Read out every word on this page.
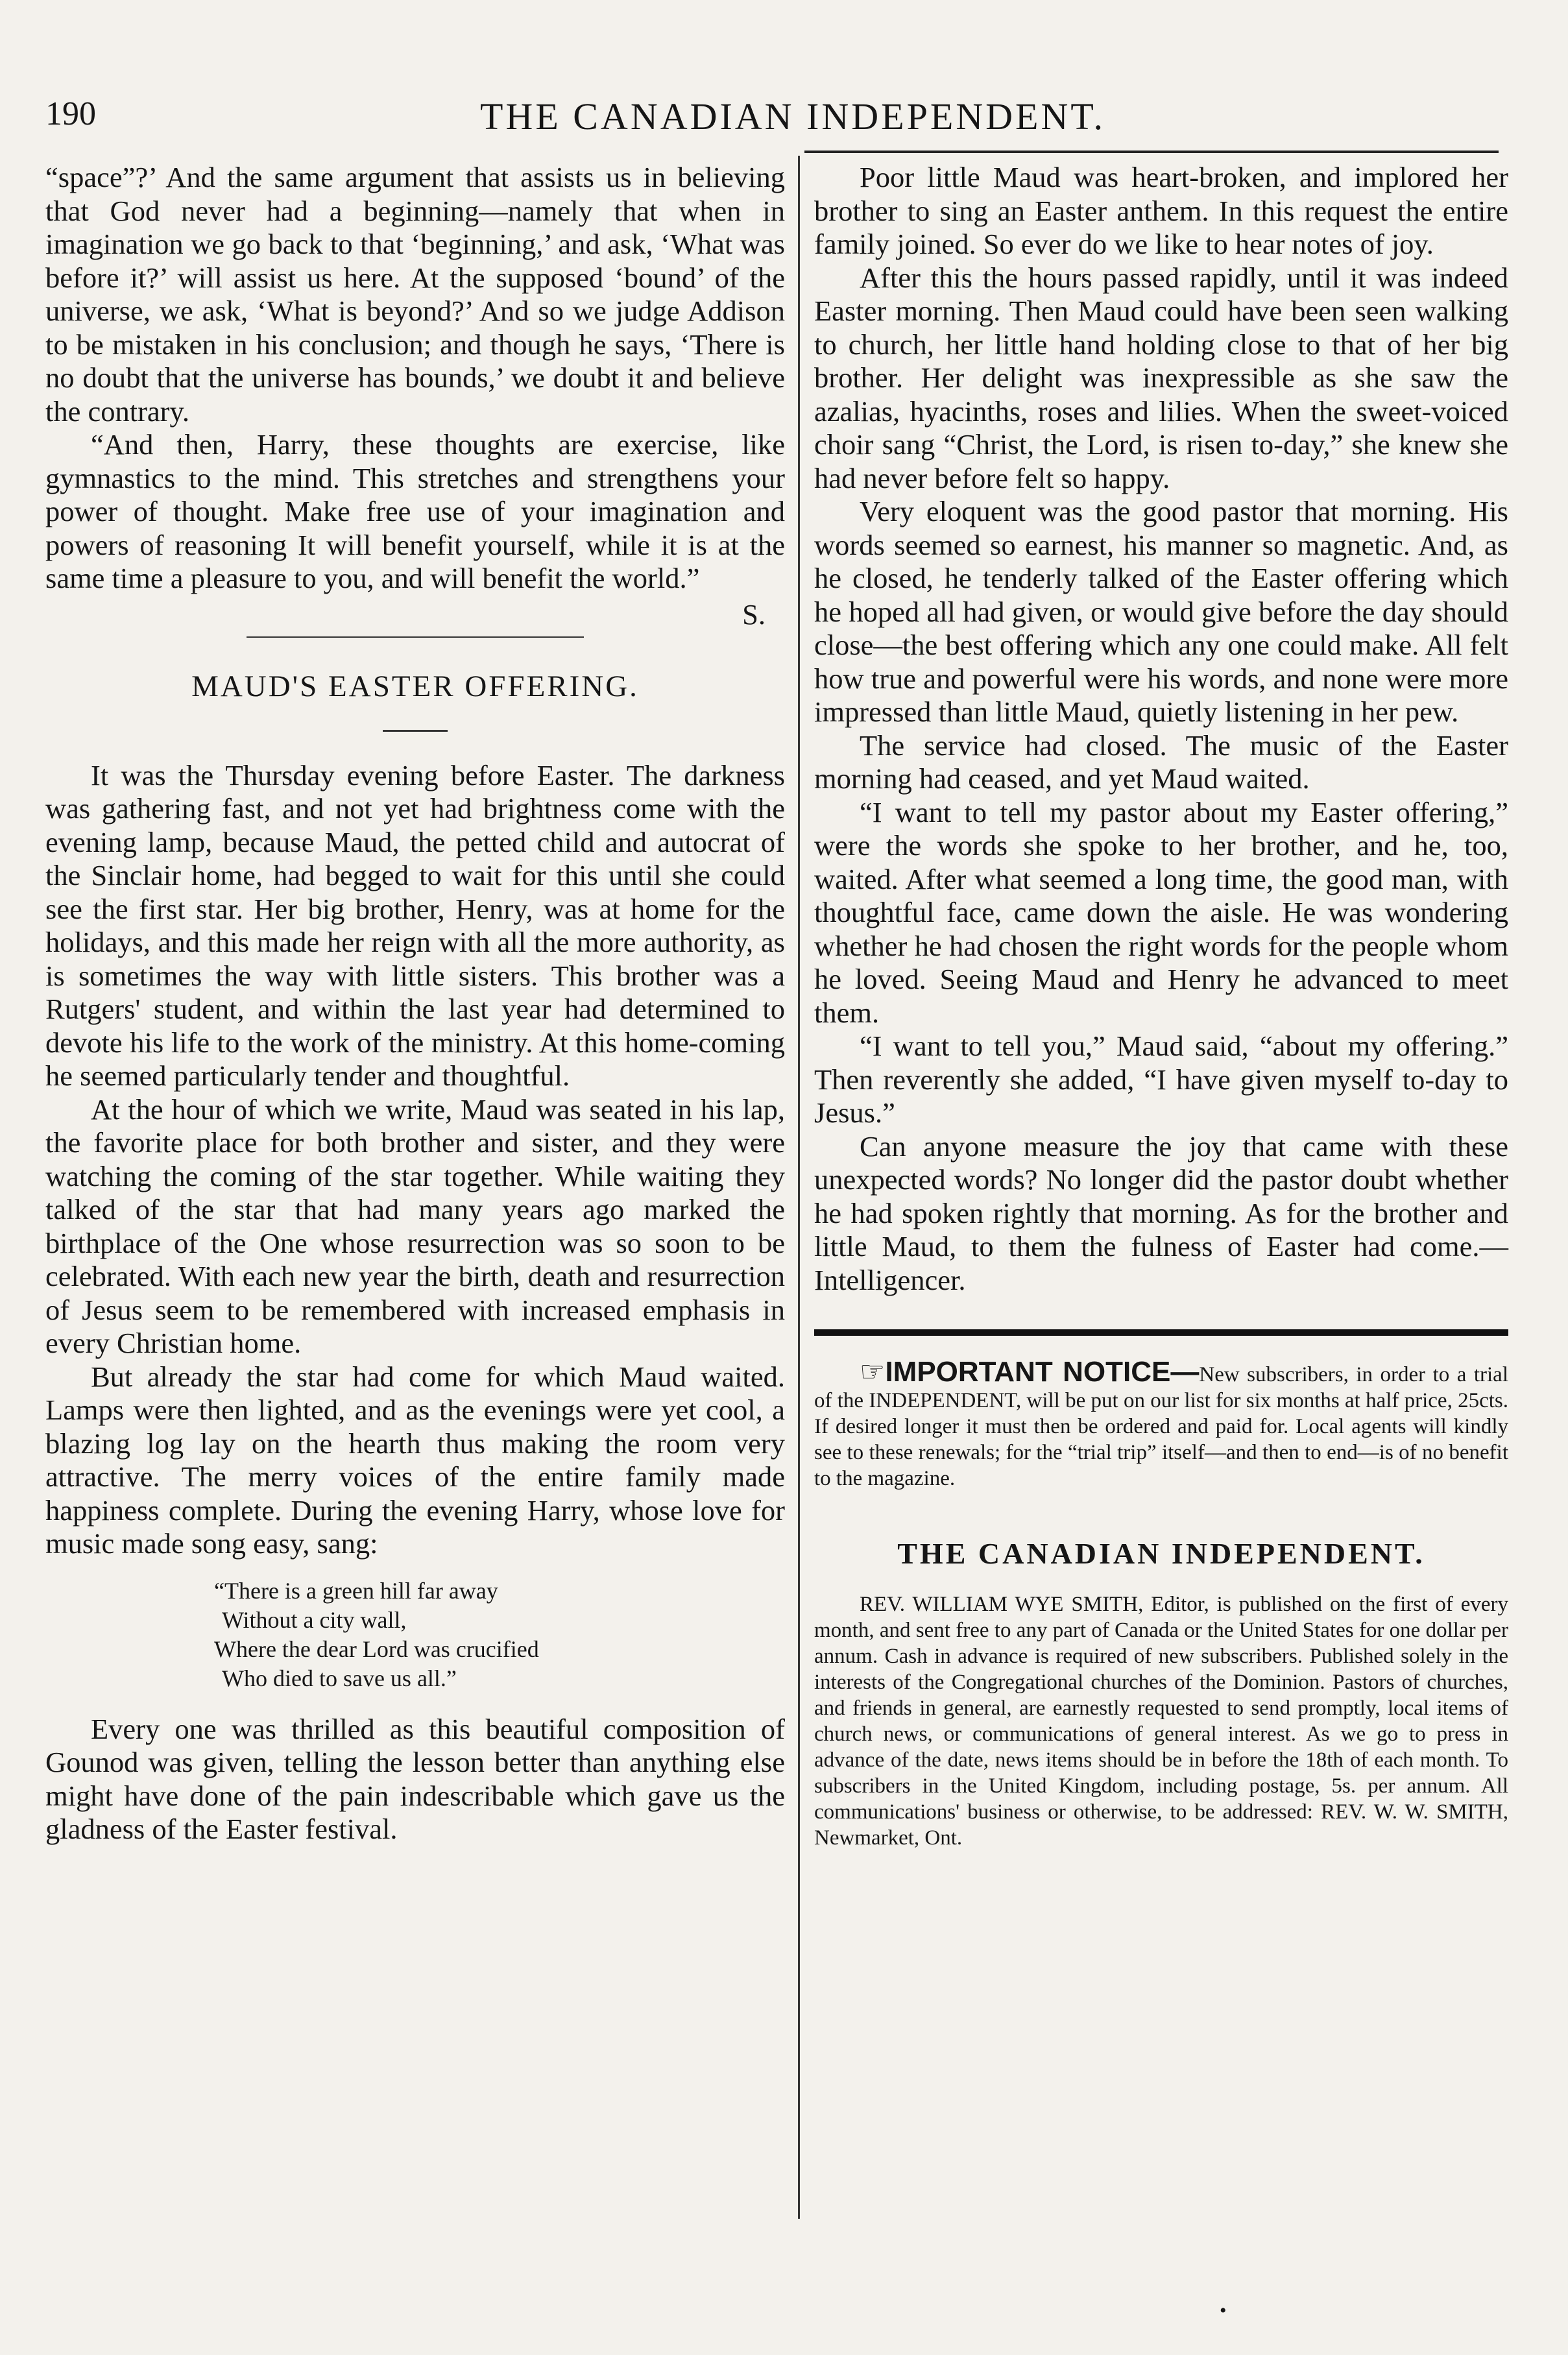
190	THE CANADIAN INDEPENDENT.

“space”?’ And the same argument that assists us in believing that God never had a beginning—namely that when in imagination we go back to that ‘beginning,’ and ask, ‘What was before it?’ will assist us here. At the supposed ‘bound’ of the universe, we ask, ‘What is beyond?’ And so we judge Addison to be mistaken in his conclusion; and though he says, ‘There is no doubt that the universe has bounds,’ we doubt it and believe the contrary.

“And then, Harry, these thoughts are exercise, like gymnastics to the mind. This stretches and strengthens your power of thought. Make free use of your imagination and powers of reasoning It will benefit yourself, while it is at the same time a pleasure to you, and will benefit the world.”

S.
MAUD'S EASTER OFFERING.

It was the Thursday evening before Easter. The darkness was gathering fast, and not yet had brightness come with the evening lamp, because Maud, the petted child and autocrat of the Sinclair home, had begged to wait for this until she could see the first star. Her big brother, Henry, was at home for the holidays, and this made her reign with all the more authority, as is sometimes the way with little sisters. This brother was a Rutgers' student, and within the last year had determined to devote his life to the work of the ministry. At this home-coming he seemed particularly tender and thoughtful.

At the hour of which we write, Maud was seated in his lap, the favorite place for both brother and sister, and they were watching the coming of the star together. While waiting they talked of the star that had many years ago marked the birthplace of the One whose resurrection was so soon to be celebrated. With each new year the birth, death and resurrection of Jesus seem to be remembered with increased emphasis in every Christian home.

But already the star had come for which Maud waited. Lamps were then lighted, and as the evenings were yet cool, a blazing log lay on the hearth thus making the room very attractive. The merry voices of the entire family made happiness complete. During the evening Harry, whose love for music made song easy, sang:

“There is a green hill far away
Without a city wall,
Where the dear Lord was crucified
Who died to save us all.”

Every one was thrilled as this beautiful composition of Gounod was given, telling the lesson better than anything else might have done of the pain indescribable which gave us the gladness of the Easter festival.

Poor little Maud was heart-broken, and implored her brother to sing an Easter anthem. In this request the entire family joined. So ever do we like to hear notes of joy.

After this the hours passed rapidly, until it was indeed Easter morning. Then Maud could have been seen walking to church, her little hand holding close to that of her big brother. Her delight was inexpressible as she saw the azalias, hyacinths, roses and lilies. When the sweet-voiced choir sang “Christ, the Lord, is risen to-day,” she knew she had never before felt so happy.

Very eloquent was the good pastor that morning. His words seemed so earnest, his manner so magnetic. And, as he closed, he tenderly talked of the Easter offering which he hoped all had given, or would give before the day should close—the best offering which any one could make. All felt how true and powerful were his words, and none were more impressed than little Maud, quietly listening in her pew.

The service had closed. The music of the Easter morning had ceased, and yet Maud waited.

“I want to tell my pastor about my Easter offering,” were the words she spoke to her brother, and he, too, waited. After what seemed a long time, the good man, with thoughtful face, came down the aisle. He was wondering whether he had chosen the right words for the people whom he loved. Seeing Maud and Henry he advanced to meet them.

“I want to tell you,” Maud said, “about my offering.” Then reverently she added, “I have given myself to-day to Jesus.”

Can anyone measure the joy that came with these unexpected words? No longer did the pastor doubt whether he had spoken rightly that morning. As for the brother and little Maud, to them the fulness of Easter had come.—Intelligencer.

☞IMPORTANT NOTICE—New subscribers, in order to a trial of the INDEPENDENT, will be put on our list for six months at half price, 25cts. If desired longer it must then be ordered and paid for. Local agents will kindly see to these renewals; for the “trial trip” itself—and then to end—is of no benefit to the magazine.

THE CANADIAN INDEPENDENT.

REV. WILLIAM WYE SMITH, Editor, is published on the first of every month, and sent free to any part of Canada or the United States for one dollar per annum. Cash in advance is required of new subscribers. Published solely in the interests of the Congregational churches of the Dominion. Pastors of churches, and friends in general, are earnestly requested to send promptly, local items of church news, or communications of general interest. As we go to press in advance of the date, news items should be in before the 18th of each month. To subscribers in the United Kingdom, including postage, 5s. per annum. All communications' business or otherwise, to be addressed: REV. W. W. SMITH, Newmarket, Ont.

•
